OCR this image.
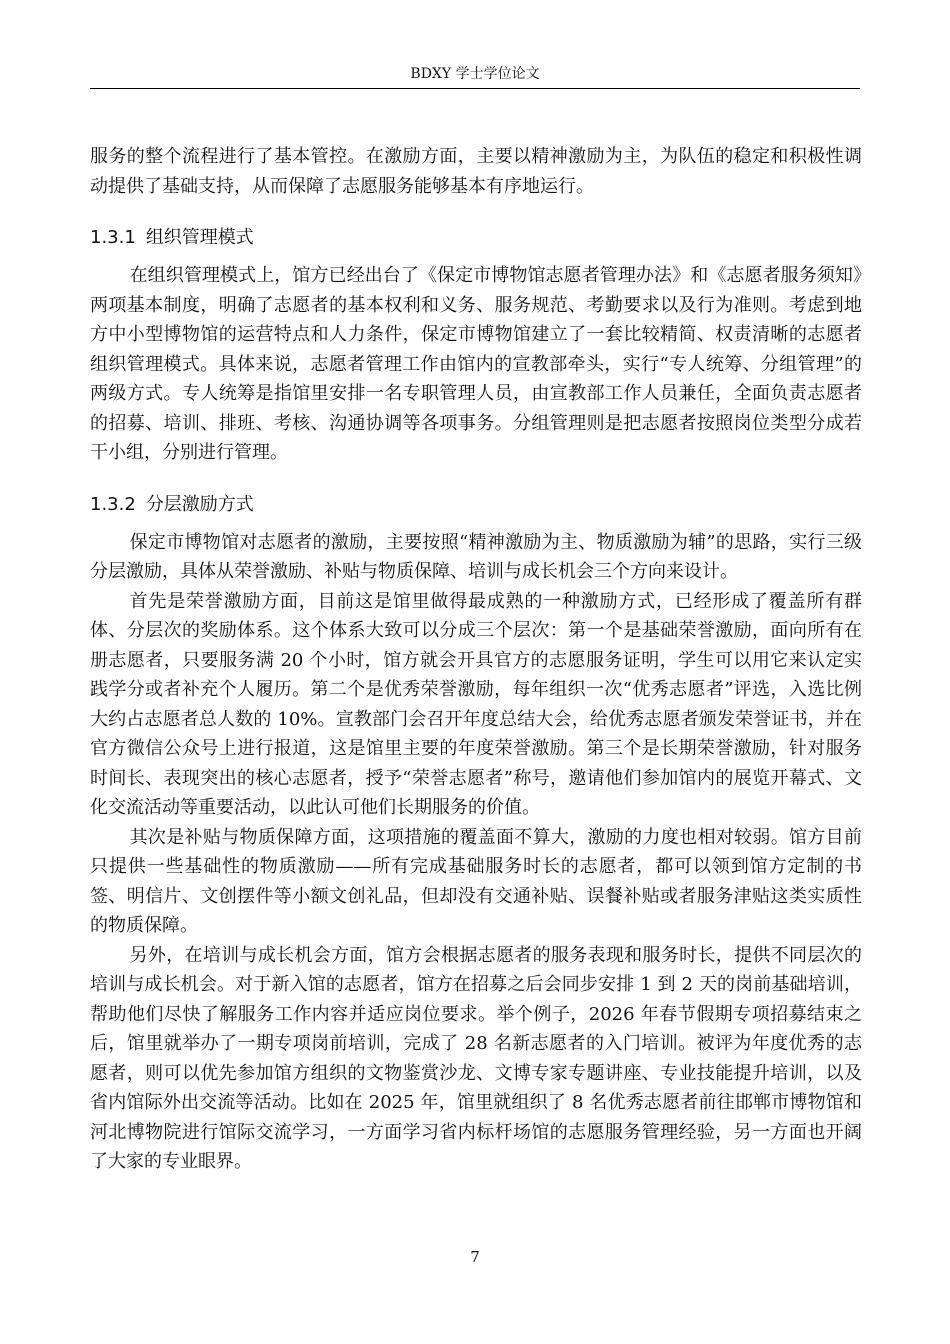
BDXY 学士学位论文

服务的整个流程进行了基本管控。在激励方面，主要以精神激励为主，为队伍的稳定和积极性调动提供了基础支持，从而保障了志愿服务能够基本有序地运行。

1.3.1 组织管理模式

在组织管理模式上，馆方已经出台了《保定市博物馆志愿者管理办法》和《志愿者服务须知》两项基本制度，明确了志愿者的基本权利和义务、服务规范、考勤要求以及行为准则。考虑到地方中小型博物馆的运营特点和人力条件，保定市博物馆建立了一套比较精简、权责清晰的志愿者组织管理模式。具体来说，志愿者管理工作由馆内的宣教部牵头，实行“专人统筹、分组管理”的两级方式。专人统筹是指馆里安排一名专职管理人员，由宣教部工作人员兼任，全面负责志愿者的招募、培训、排班、考核、沟通协调等各项事务。分组管理则是把志愿者按照岗位类型分成若干小组，分别进行管理。

1.3.2 分层激励方式

保定市博物馆对志愿者的激励，主要按照“精神激励为主、物质激励为辅”的思路，实行三级分层激励，具体从荣誉激励、补贴与物质保障、培训与成长机会三个方向来设计。

首先是荣誉激励方面，目前这是馆里做得最成熟的一种激励方式，已经形成了覆盖所有群体、分层次的奖励体系。这个体系大致可以分成三个层次：第一个是基础荣誉激励，面向所有在册志愿者，只要服务满 20 个小时，馆方就会开具官方的志愿服务证明，学生可以用它来认定实践学分或者补充个人履历。第二个是优秀荣誉激励，每年组织一次“优秀志愿者”评选，入选比例大约占志愿者总人数的 10%。宣教部门会召开年度总结大会，给优秀志愿者颁发荣誉证书，并在官方微信公众号上进行报道，这是馆里主要的年度荣誉激励。第三个是长期荣誉激励，针对服务时间长、表现突出的核心志愿者，授予“荣誉志愿者”称号，邀请他们参加馆内的展览开幕式、文化交流活动等重要活动，以此认可他们长期服务的价值。

其次是补贴与物质保障方面，这项措施的覆盖面不算大，激励的力度也相对较弱。馆方目前只提供一些基础性的物质激励——所有完成基础服务时长的志愿者，都可以领到馆方定制的书签、明信片、文创摆件等小额文创礼品，但却没有交通补贴、误餐补贴或者服务津贴这类实质性的物质保障。

另外，在培训与成长机会方面，馆方会根据志愿者的服务表现和服务时长，提供不同层次的培训与成长机会。对于新入馆的志愿者，馆方在招募之后会同步安排 1 到 2 天的岗前基础培训，帮助他们尽快了解服务工作内容并适应岗位要求。举个例子，2026 年春节假期专项招募结束之后，馆里就举办了一期专项岗前培训，完成了 28 名新志愿者的入门培训。被评为年度优秀的志愿者，则可以优先参加馆方组织的文物鉴赏沙龙、文博专家专题讲座、专业技能提升培训，以及省内馆际外出交流等活动。比如在 2025 年，馆里就组织了 8 名优秀志愿者前往邯郸市博物馆和河北博物院进行馆际交流学习，一方面学习省内标杆场馆的志愿服务管理经验，另一方面也开阔了大家的专业眼界。

7
